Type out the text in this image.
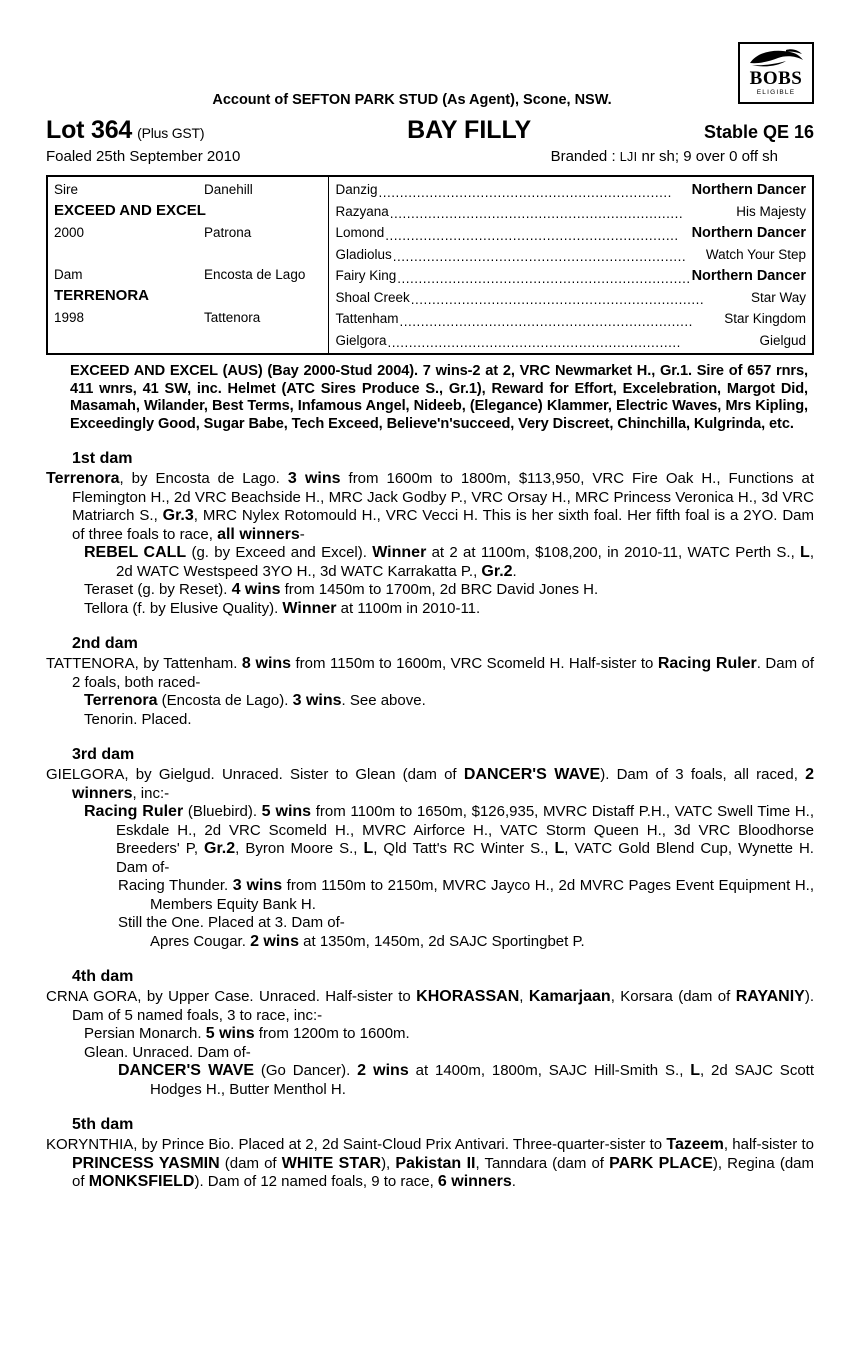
BOBS
ELIGIBLE
Account of SEFTON PARK STUD (As Agent), Scone, NSW.
Lot 364 (Plus GST)	BAY FILLY	Stable QE 16
Foaled 25th September 2010	Branded : LJI nr sh; 9 over 0 off sh
Sire	Danehill
EXCEED AND EXCEL
2000	Patrona

Dam	Encosta de Lago
TERRENORA
1998	Tattenora

Danzig .....................................................................	Northern Dancer
Razyana .....................................................................	His Majesty
Lomond ..................................................................... Northern Dancer
Gladiolus .....................................................................	Watch Your Step
Fairy King ..................................................................... Northern Dancer
Shoal Creek .....................................................................	Star Way
Tattenham .....................................................................	Star Kingdom
Gielgora .....................................................................	Gielgud
EXCEED AND EXCEL (AUS) (Bay 2000-Stud 2004). 7 wins-2 at 2, VRC Newmarket H., Gr.1. Sire of 657 rnrs, 411 wnrs, 41 SW, inc. Helmet (ATC Sires Produce S., Gr.1), Reward for Effort, Excelebration, Margot Did, Masamah, Wilander, Best Terms, Infamous Angel, Nideeb, (Elegance) Klammer, Electric Waves, Mrs Kipling, Exceedingly Good, Sugar Babe, Tech Exceed, Believe'n'succeed, Very Discreet, Chinchilla, Kulgrinda, etc.
1st dam
Terrenora, by Encosta de Lago. 3 wins from 1600m to 1800m, $113,950, VRC Fire Oak H., Functions at Flemington H., 2d VRC Beachside H., MRC Jack Godby P., VRC Orsay H., MRC Princess Veronica H., 3d VRC Matriarch S., Gr.3, MRC Nylex Rotomould H., VRC Vecci H. This is her sixth foal. Her fifth foal is a 2YO. Dam of three foals to race, all winners-
REBEL CALL (g. by Exceed and Excel). Winner at 2 at 1100m, $108,200, in 2010-11, WATC Perth S., L, 2d WATC Westspeed 3YO H., 3d WATC Karrakatta P., Gr.2.
Teraset (g. by Reset). 4 wins from 1450m to 1700m, 2d BRC David Jones H.
Tellora (f. by Elusive Quality). Winner at 1100m in 2010-11.
2nd dam
TATTENORA, by Tattenham. 8 wins from 1150m to 1600m, VRC Scomeld H. Half-sister to Racing Ruler. Dam of 2 foals, both raced-
Terrenora (Encosta de Lago). 3 wins. See above.
Tenorin. Placed.
3rd dam
GIELGORA, by Gielgud. Unraced. Sister to Glean (dam of DANCER'S WAVE). Dam of 3 foals, all raced, 2 winners, inc:-
Racing Ruler (Bluebird). 5 wins from 1100m to 1650m, $126,935, MVRC Distaff P.H., VATC Swell Time H., Eskdale H., 2d VRC Scomeld H., MVRC Airforce H., VATC Storm Queen H., 3d VRC Bloodhorse Breeders' P, Gr.2, Byron Moore S., L, Qld Tatt's RC Winter S., L, VATC Gold Blend Cup, Wynette H. Dam of-
Racing Thunder. 3 wins from 1150m to 2150m, MVRC Jayco H., 2d MVRC Pages Event Equipment H., Members Equity Bank H.
Still the One. Placed at 3. Dam of-
Apres Cougar. 2 wins at 1350m, 1450m, 2d SAJC Sportingbet P.
4th dam
CRNA GORA, by Upper Case. Unraced. Half-sister to KHORASSAN, Kamarjaan, Korsara (dam of RAYANIY). Dam of 5 named foals, 3 to race, inc:-
Persian Monarch. 5 wins from 1200m to 1600m.
Glean. Unraced. Dam of-
DANCER'S WAVE (Go Dancer). 2 wins at 1400m, 1800m, SAJC Hill-Smith S., L, 2d SAJC Scott Hodges H., Butter Menthol H.
5th dam
KORYNTHIA, by Prince Bio. Placed at 2, 2d Saint-Cloud Prix Antivari. Three-quarter-sister to Tazeem, half-sister to PRINCESS YASMIN (dam of WHITE STAR), Pakistan II, Tanndara (dam of PARK PLACE), Regina (dam of MONKSFIELD). Dam of 12 named foals, 9 to race, 6 winners.
